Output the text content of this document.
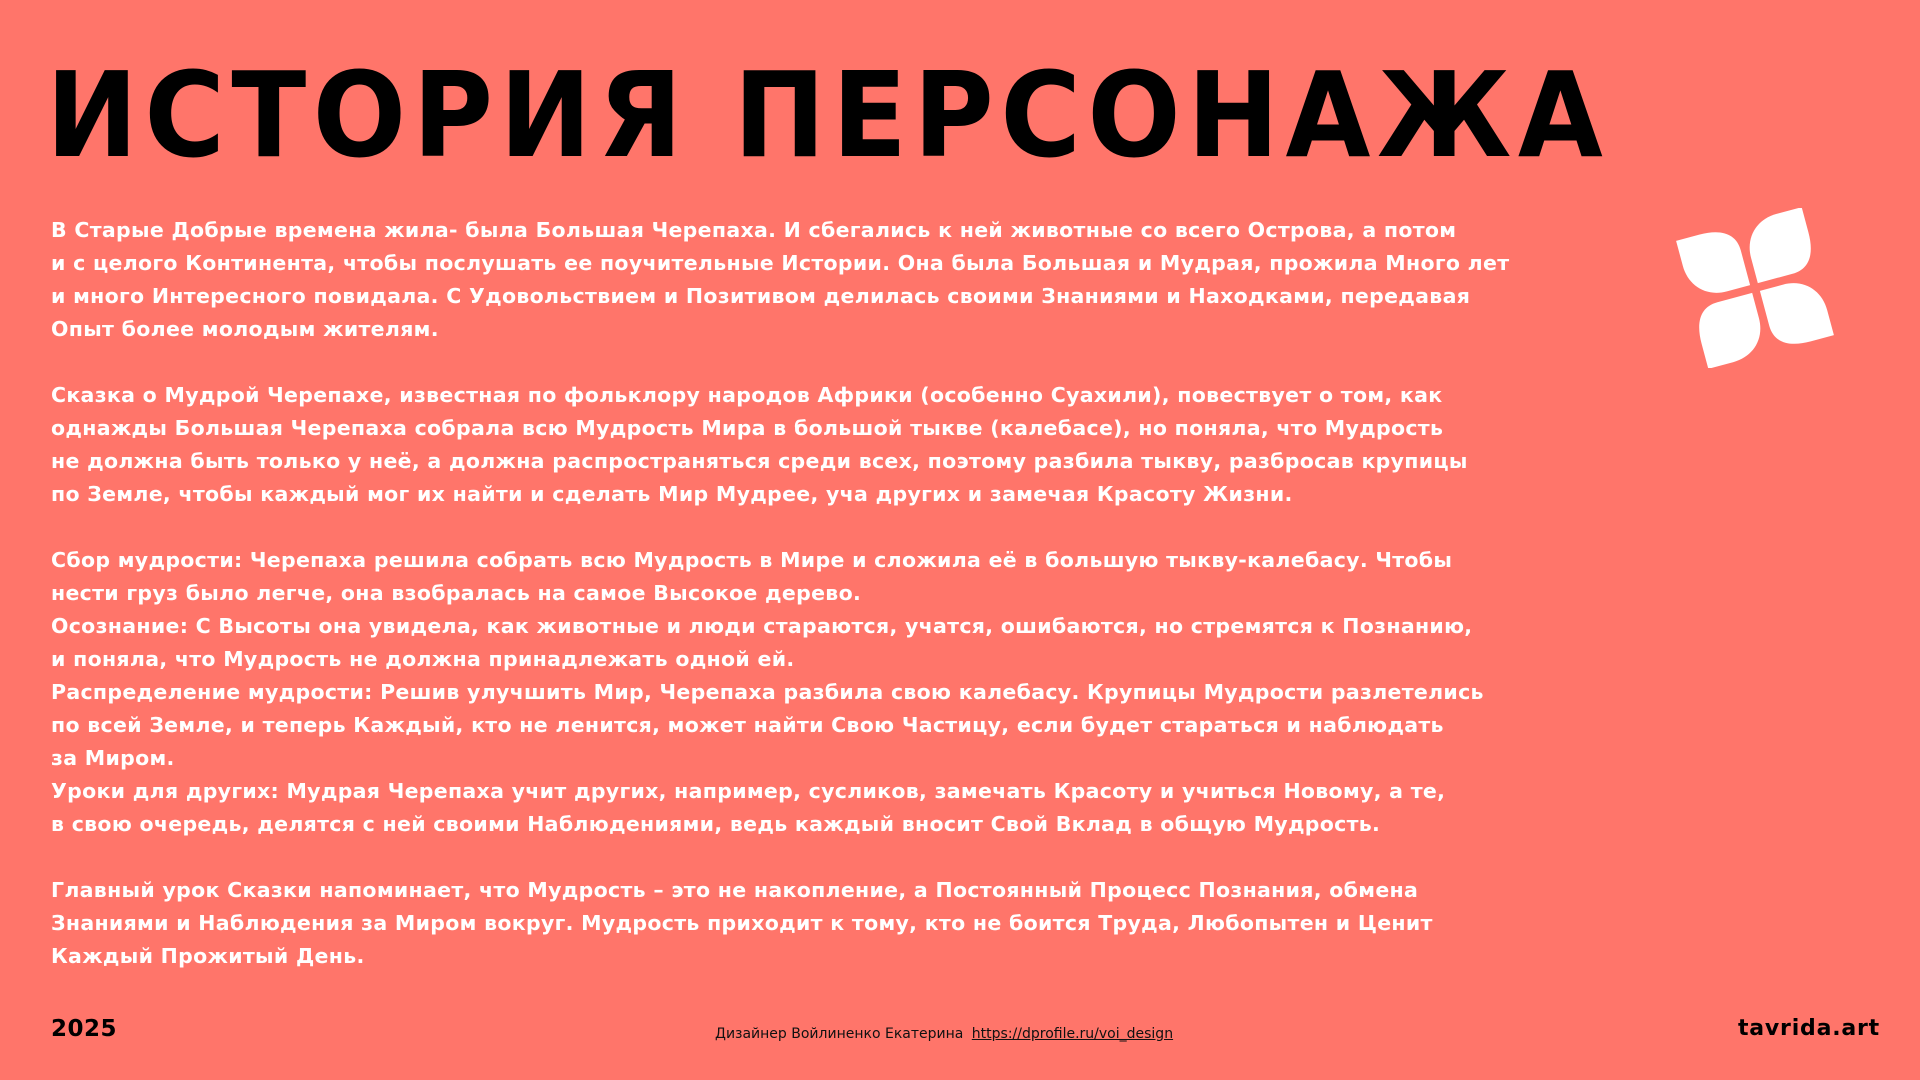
ИСТОРИЯ ПЕРСОНАЖА

В Старые Добрые времена жила- была Большая Черепаха. И сбегались к ней животные со всего Острова, а потом
и с целого Континента, чтобы послушать ее поучительные Истории. Она была Большая и Мудрая, прожила Много лет
и много Интересного повидала. С Удовольствием и Позитивом делилась своими Знаниями и Находками, передавая
Опыт более молодым жителям.

Сказка о Мудрой Черепахе, известная по фольклору народов Африки (особенно Суахили), повествует о том, как
однажды Большая Черепаха собрала всю Мудрость Мира в большой тыкве (калебасе), но поняла, что Мудрость
не должна быть только у неё, а должна распространяться среди всех, поэтому разбила тыкву, разбросав крупицы
по Земле, чтобы каждый мог их найти и сделать Мир Мудрее, уча других и замечая Красоту Жизни.

Сбор мудрости: Черепаха решила собрать всю Мудрость в Мире и сложила её в большую тыкву-калебасу. Чтобы
нести груз было легче, она взобралась на самое Высокое дерево.
Осознание: С Высоты она увидела, как животные и люди стараются, учатся, ошибаются, но стремятся к Познанию,
и поняла, что Мудрость не должна принадлежать одной ей.
Распределение мудрости: Решив улучшить Мир, Черепаха разбила свою калебасу. Крупицы Мудрости разлетелись
по всей Земле, и теперь Каждый, кто не ленится, может найти Свою Частицу, если будет стараться и наблюдать
за Миром.
Уроки для других: Мудрая Черепаха учит других, например, сусликов, замечать Красоту и учиться Новому, а те,
в свою очередь, делятся с ней своими Наблюдениями, ведь каждый вносит Свой Вклад в общую Мудрость.

Главный урок Сказки напоминает, что Мудрость – это не накопление, а Постоянный Процесс Познания, обмена
Знаниями и Наблюдения за Миром вокруг. Мудрость приходит к тому, кто не боится Труда, Любопытен и Ценит
Каждый Прожитый День.

2025	Дизайнер Войлиненко Екатерина https://dprofile.ru/voi_design	tavrida.art
